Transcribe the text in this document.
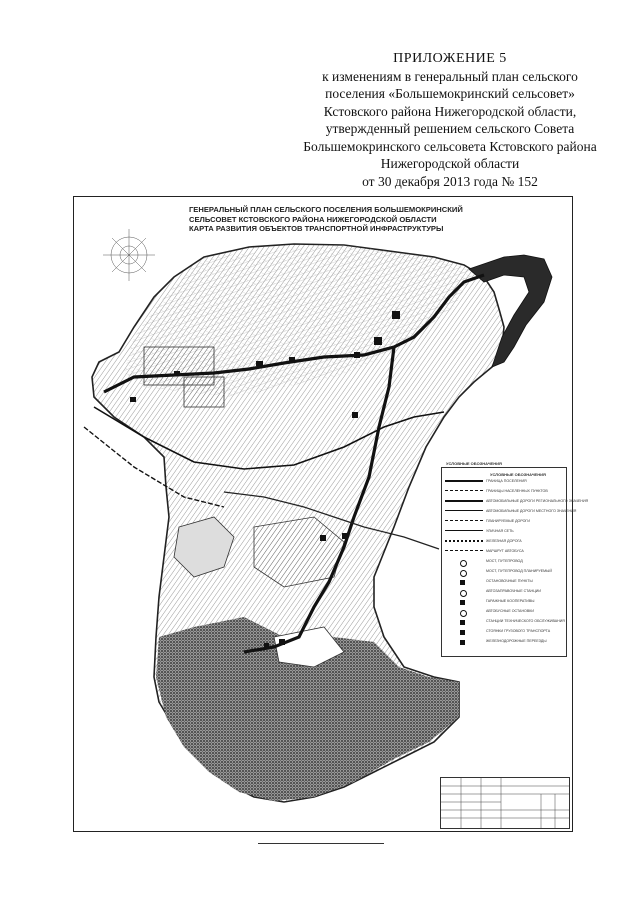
ПРИЛОЖЕНИЕ 5
к изменениям в генеральный план сельского
поселения «Большемокринский сельсовет»
Кстовского района Нижегородской области,
утвержденный решением сельского Совета
Большемокринского сельсовета Кстовского района
Нижегородской области
от 30 декабря 2013 года № 152
ГЕНЕРАЛЬНЫЙ ПЛАН СЕЛЬСКОГО ПОСЕЛЕНИЯ БОЛЬШЕМОКРИНСКИЙ
СЕЛЬСОВЕТ КСТОВСКОГО РАЙОНА НИЖЕГОРОДСКОЙ ОБЛАСТИ
КАРТА РАЗВИТИЯ ОБЪЕКТОВ ТРАНСПОРТНОЙ ИНФРАСТРУКТУРЫ
УСЛОВНЫЕ ОБОЗНАЧЕНИЯ
УСЛОВНЫЕ ОБОЗНАЧЕНИЯ
ГРАНИЦА ПОСЕЛЕНИЯ
ГРАНИЦЫ НАСЕЛЕННЫХ ПУНКТОВ
АВТОМОБИЛЬНЫЕ ДОРОГИ РЕГИОНАЛЬНОГО ЗНАЧЕНИЯ
АВТОМОБИЛЬНЫЕ ДОРОГИ МЕСТНОГО ЗНАЧЕНИЯ
ПЛАНИРУЕМЫЕ ДОРОГИ
УЛИЧНАЯ СЕТЬ
ЖЕЛЕЗНАЯ ДОРОГА
МАРШРУТ АВТОБУСА
МОСТ, ПУТЕПРОВОД
МОСТ, ПУТЕПРОВОД ПЛАНИРУЕМЫЙ
ОСТАНОВОЧНЫЕ ПУНКТЫ
АВТОЗАПРАВОЧНЫЕ СТАНЦИИ
ГАРАЖНЫЕ КООПЕРАТИВЫ
АВТОБУСНЫЕ ОСТАНОВКИ
СТАНЦИИ ТЕХНИЧЕСКОГО ОБСЛУЖИВАНИЯ
СТОЯНКИ ГРУЗОВОГО ТРАНСПОРТА
ЖЕЛЕЗНОДОРОЖНЫЕ ПЕРЕЕЗДЫ
